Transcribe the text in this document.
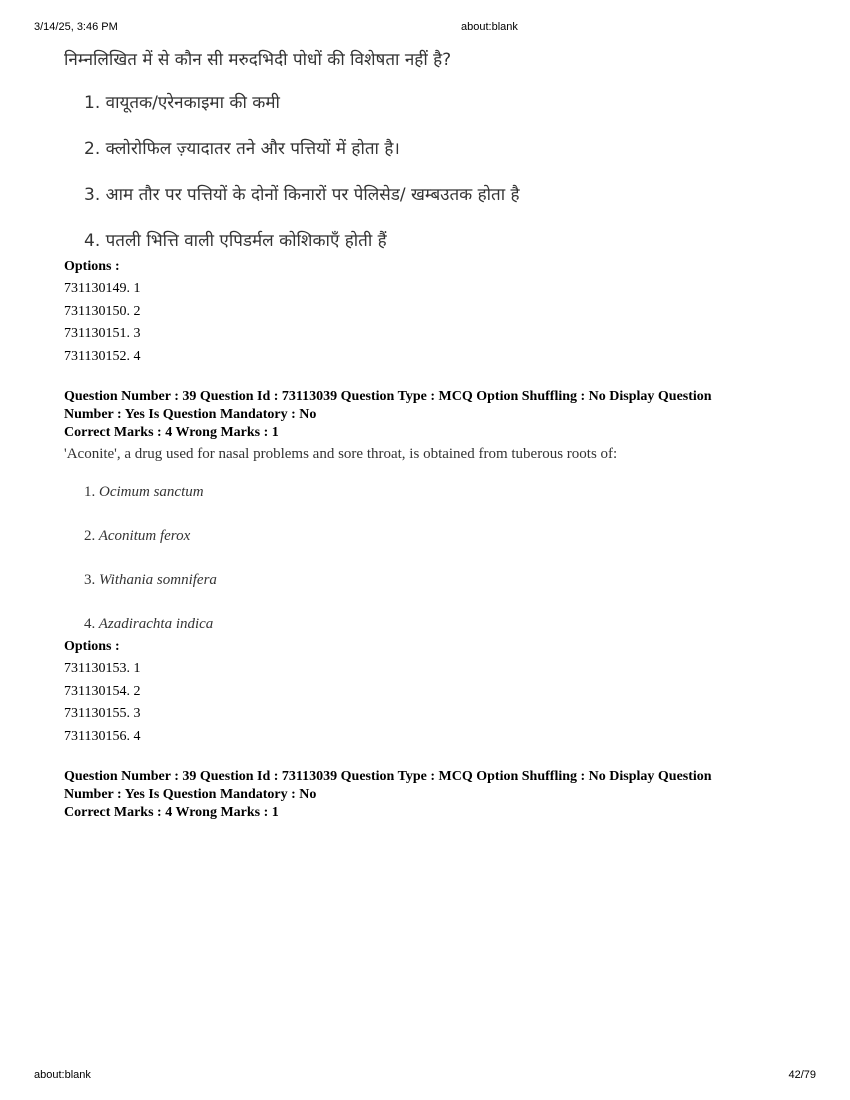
3/14/25, 3:46 PM	about:blank
निम्नलिखित में से कौन सी मरुदभिदी पोधों की विशेषता नहीं है?
1. वायूतक/एरेनकाइमा की कमी
2. क्लोरोफिल ज़्यादातर तने और पत्तियों में होता है।
3. आम तौर पर पत्तियों के दोनों किनारों पर पेलिसेड/ खम्बउतक होता है
4. पतली भित्ति वाली एपिडर्मल कोशिकाएँ होती हैं
Options :
731130149. 1
731130150. 2
731130151. 3
731130152. 4
Question Number : 39 Question Id : 73113039 Question Type : MCQ Option Shuffling : No Display Question
Number : Yes Is Question Mandatory : No
Correct Marks : 4 Wrong Marks : 1
'Aconite', a drug used for nasal problems and sore throat, is obtained from tuberous roots of:
1. Ocimum sanctum
2. Aconitum ferox
3. Withania somnifera
4. Azadirachta indica
Options :
731130153. 1
731130154. 2
731130155. 3
731130156. 4
Question Number : 39 Question Id : 73113039 Question Type : MCQ Option Shuffling : No Display Question
Number : Yes Is Question Mandatory : No
Correct Marks : 4 Wrong Marks : 1
about:blank	42/79
